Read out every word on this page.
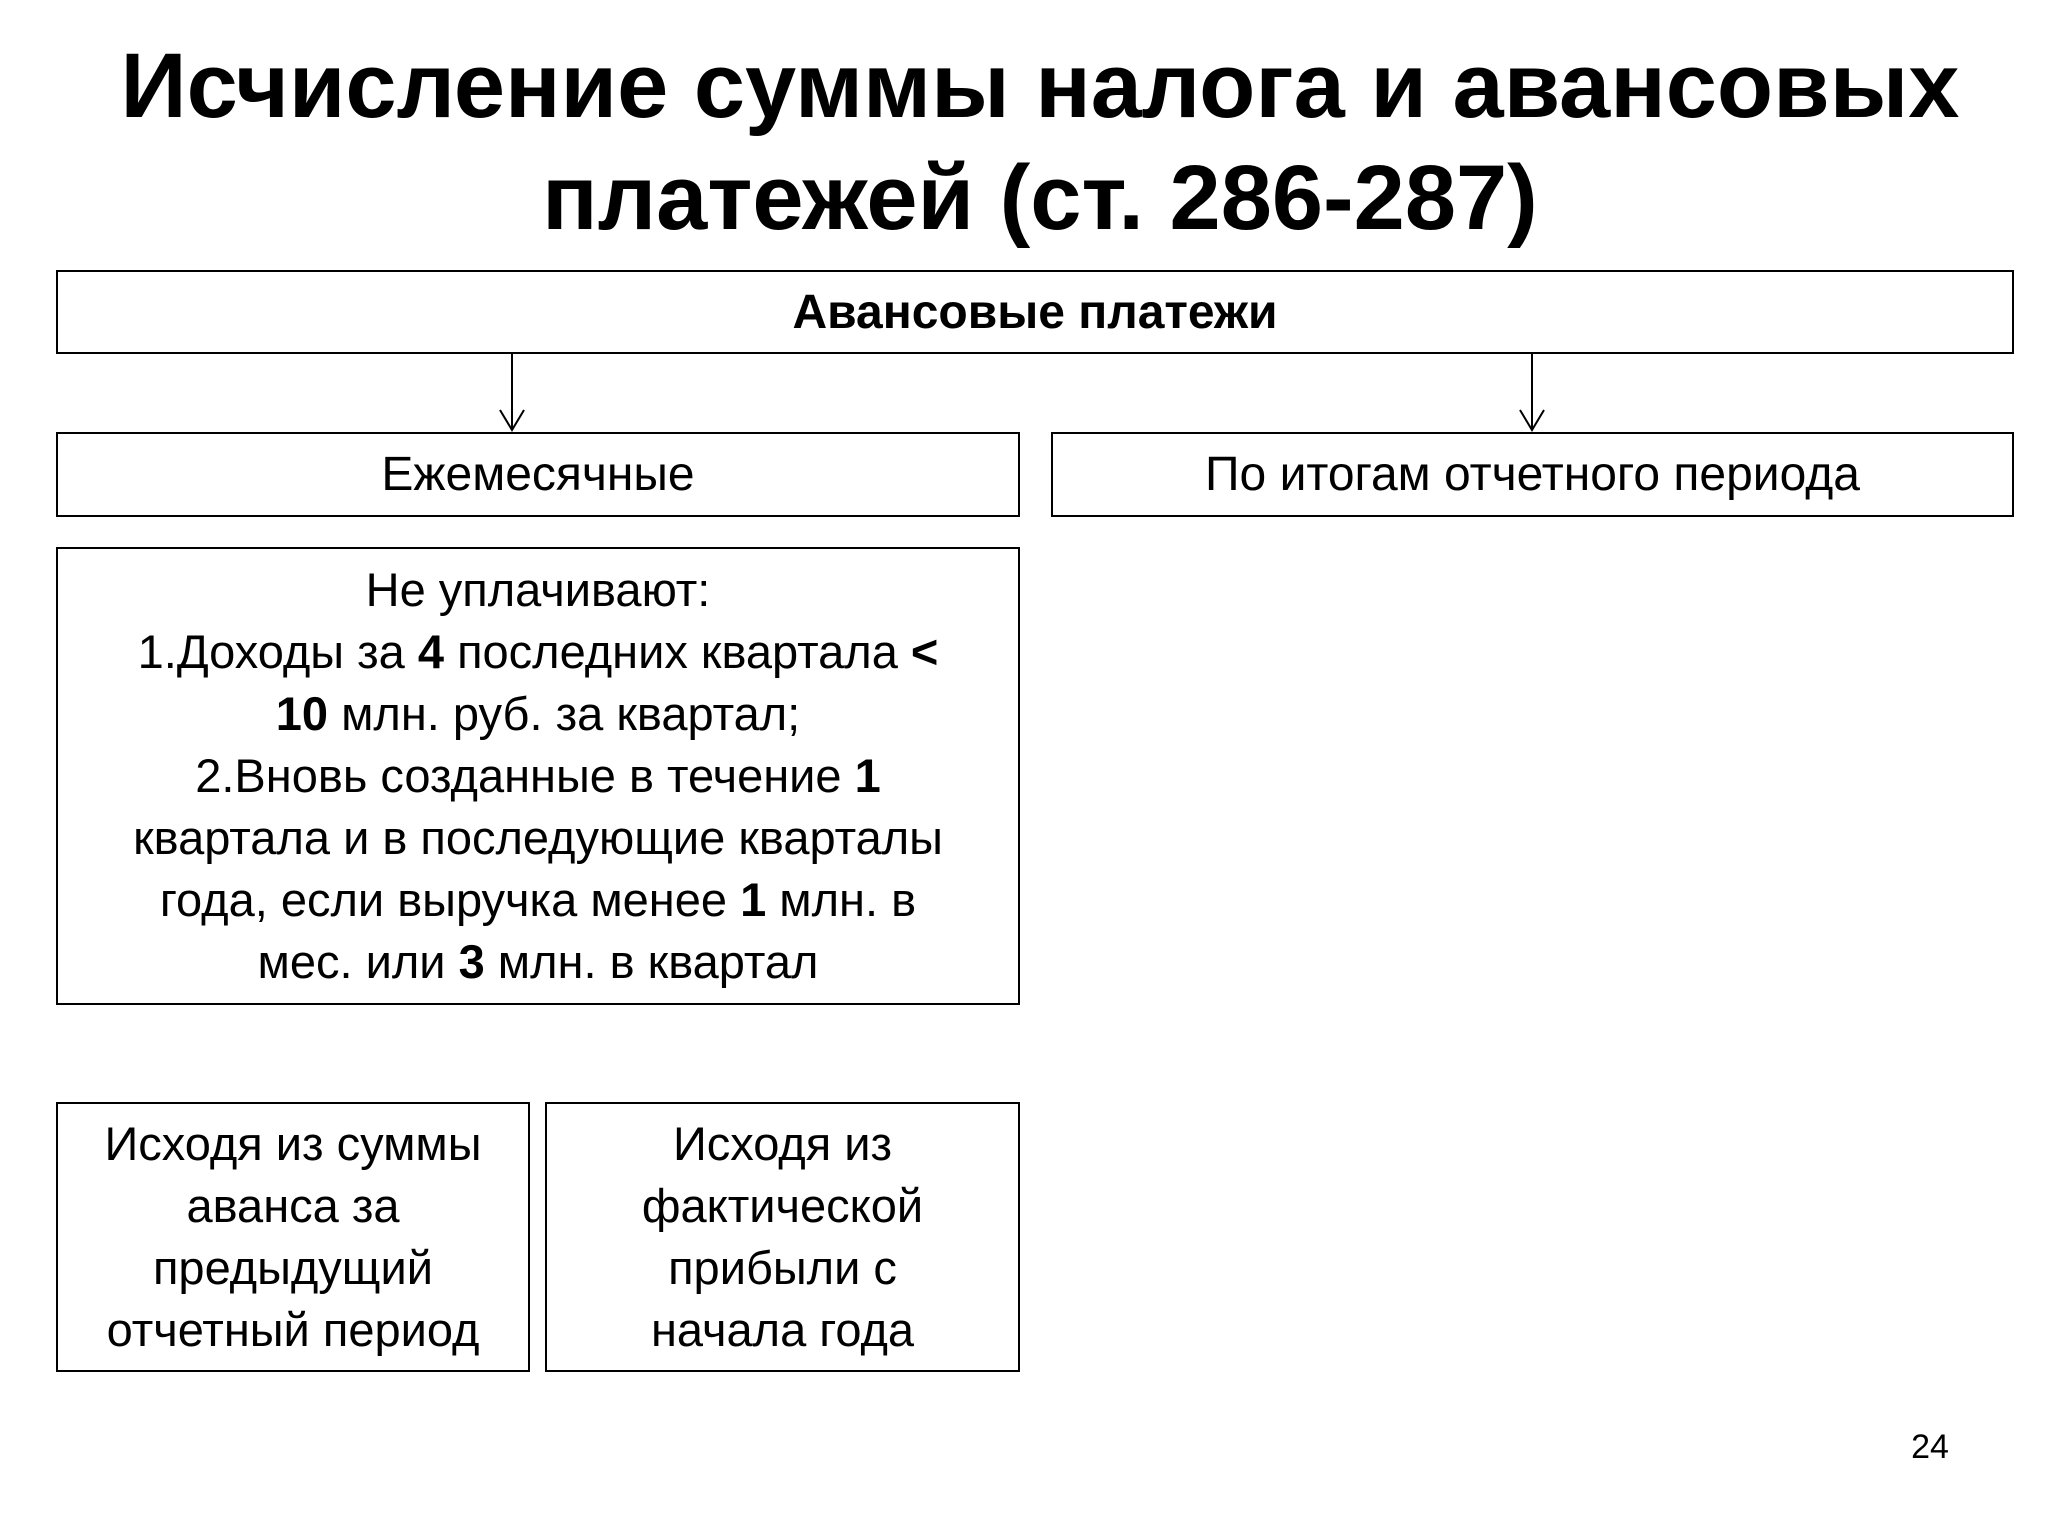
Исчисление суммы налога и авансовых
платежей (ст. 286-287)
Авансовые платежи
Ежемесячные	По итогам отчетного периода
Не уплачивают:
1.Доходы за 4 последних квартала <
10 млн. руб. за квартал;
2.Вновь созданные в течение 1
квартала и в последующие кварталы
года, если выручка менее 1 млн. в
мес. или 3 млн. в квартал
Исходя из суммы
аванса за
предыдущий
отчетный период
Исходя из
фактической
прибыли с
начала года
24
